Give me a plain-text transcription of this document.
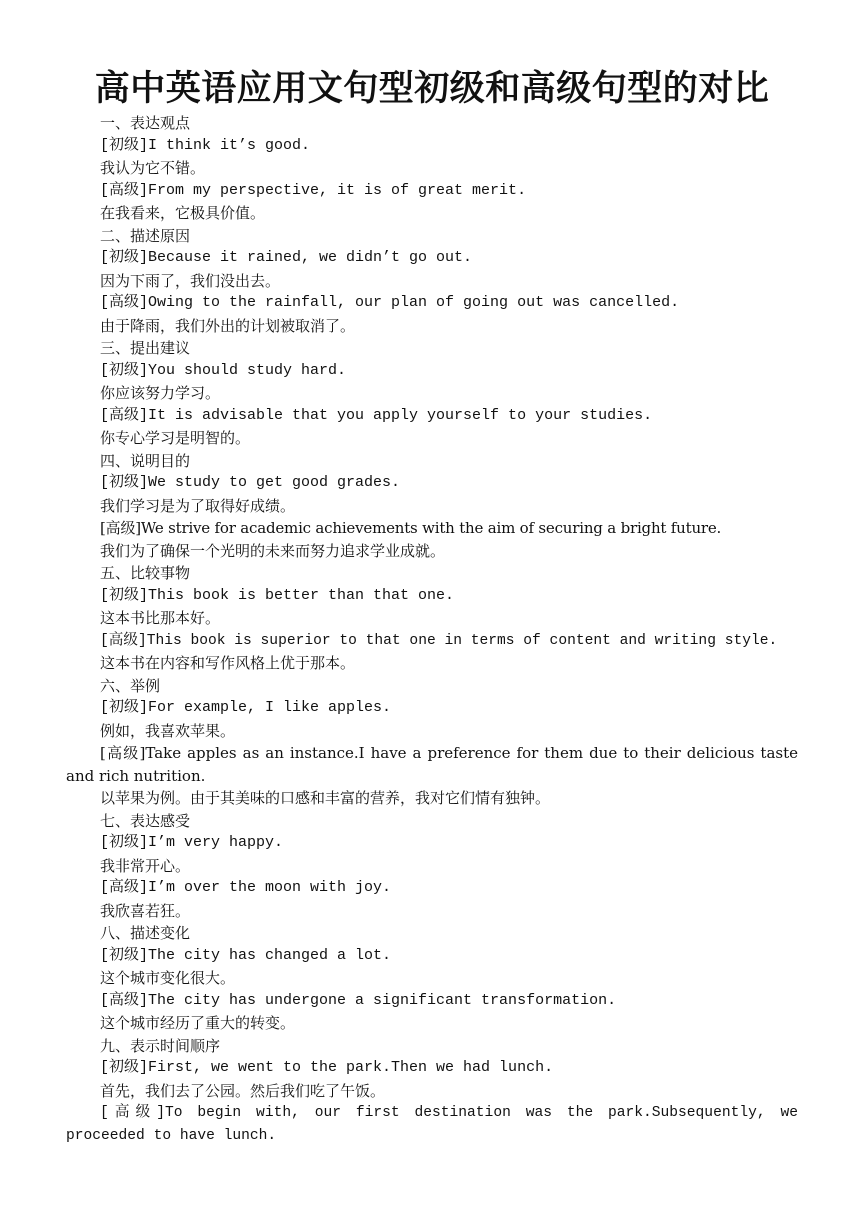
高中英语应用文句型初级和高级句型的对比
一、表达观点
[初级]I think it’s good.
我认为它不错。
[高级]From my perspective, it is of great merit.
在我看来，它极具价值。
二、描述原因
[初级]Because it rained, we didn’t go out.
因为下雨了，我们没出去。
[高级]Owing to the rainfall, our plan of going out was cancelled.
由于降雨，我们外出的计划被取消了。
三、提出建议
[初级]You should study hard.
你应该努力学习。
[高级]It is advisable that you apply yourself to your studies.
你专心学习是明智的。
四、说明目的
[初级]We study to get good grades.
我们学习是为了取得好成绩。
[高级]We strive for academic achievements with the aim of securing a bright future.
我们为了确保一个光明的未来而努力追求学业成就。
五、比较事物
[初级]This book is better than that one.
这本书比那本好。
[高级]This book is superior to that one in terms of content and writing style.
这本书在内容和写作风格上优于那本。
六、举例
[初级]For example, I like apples.
例如，我喜欢苹果。
[高级]Take apples as an instance.I have a preference for them due to their delicious taste and rich nutrition.
以苹果为例。由于其美味的口感和丰富的营养，我对它们情有独钟。
七、表达感受
[初级]I’m very happy.
我非常开心。
[高级]I’m over the moon with joy.
我欣喜若狂。
八、描述变化
[初级]The city has changed a lot.
这个城市变化很大。
[高级]The city has undergone a significant transformation.
这个城市经历了重大的转变。
九、表示时间顺序
[初级]First, we went to the park.Then we had lunch.
首先，我们去了公园。然后我们吃了午饭。
[高级]To begin with, our first destination was the park.Subsequently, we proceeded to have lunch.
